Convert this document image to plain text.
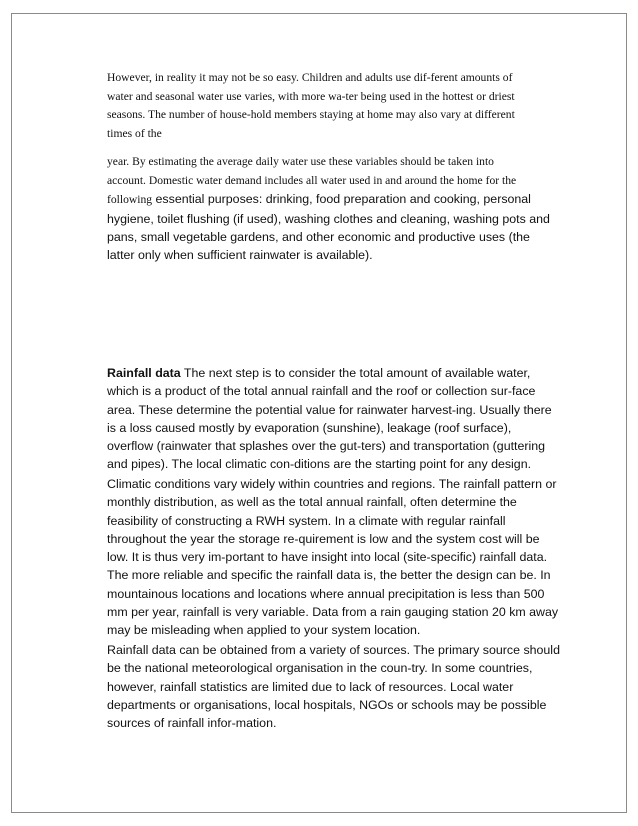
However, in reality it may not be so easy. Children and adults use dif-ferent amounts of
water and seasonal water use varies, with more wa-ter being used in the hottest or driest
seasons. The number of house-hold members staying at home may also vary at different
times of the
year. By estimating the average daily water use these variables should be taken into
account. Domestic water demand includes all water used in and around the home for the
following essential purposes: drinking, food preparation and cooking, personal
hygiene, toilet flushing (if used), washing clothes and cleaning, washing pots and
pans, small vegetable gardens, and other economic and productive uses (the
latter only when sufficient rainwater is available).
Rainfall data The next step is to consider the total amount of available water,
which is a product of the total annual rainfall and the roof or collection sur-face
area. These determine the potential value for rainwater harvest-ing. Usually there
is a loss caused mostly by evaporation (sunshine), leakage (roof surface),
overflow (rainwater that splashes over the gut-ters) and transportation (guttering
and pipes). The local climatic con-ditions are the starting point for any design.
Climatic conditions vary widely within countries and regions. The rainfall pattern or
monthly distribution, as well as the total annual rainfall, often determine the
feasibility of constructing a RWH system. In a climate with regular rainfall
throughout the year the storage re-quirement is low and the system cost will be
low. It is thus very im-portant to have insight into local (site-specific) rainfall data.
The more reliable and specific the rainfall data is, the better the design can be. In
mountainous locations and locations where annual precipitation is less than 500
mm per year, rainfall is very variable. Data from a rain gauging station 20 km away
may be misleading when applied to your system location.
Rainfall data can be obtained from a variety of sources. The primary source should
be the national meteorological organisation in the coun-try. In some countries,
however, rainfall statistics are limited due to lack of resources. Local water
departments or organisations, local hospitals, NGOs or schools may be possible
sources of rainfall infor-mation.
